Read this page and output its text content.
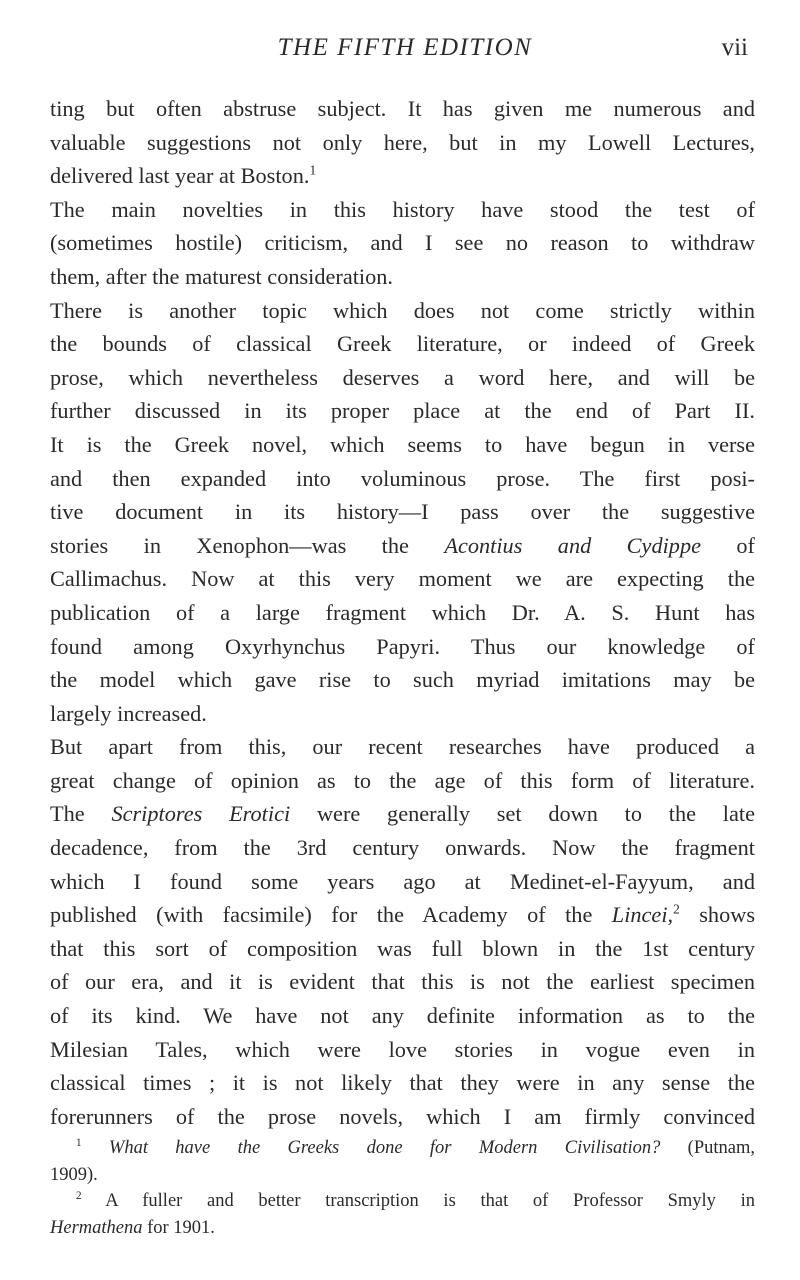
THE FIFTH EDITION	vii
ting but often abstruse subject. It has given me numerous and
valuable suggestions not only here, but in my Lowell Lectures,
delivered last year at Boston.$^1$
The main novelties in this history have stood the test of
(sometimes hostile) criticism, and I see no reason to withdraw
them, after the maturest consideration.
There is another topic which does not come strictly within
the bounds of classical Greek literature, or indeed of Greek
prose, which nevertheless deserves a word here, and will be
further discussed in its proper place at the end of Part II.
It is the Greek novel, which seems to have begun in verse
and then expanded into voluminous prose. The first posi-
tive document in its history—I pass over the suggestive
stories in Xenophon—was the Acontius and Cydippe of
Callimachus. Now at this very moment we are expecting the
publication of a large fragment which Dr. A. S. Hunt has
found among Oxyrhynchus Papyri. Thus our knowledge of
the model which gave rise to such myriad imitations may be
largely increased.
But apart from this, our recent researches have produced a
great change of opinion as to the age of this form of literature.
The Scriptores Erotici were generally set down to the late
decadence, from the 3rd century onwards. Now the fragment
which I found some years ago at Medinet-el-Fayyum, and
published (with facsimile) for the Academy of the Lincei,$^2$ shows
that this sort of composition was full blown in the 1st century
of our era, and it is evident that this is not the earliest specimen
of its kind. We have not any definite information as to the
Milesian Tales, which were love stories in vogue even in
classical times ; it is not likely that they were in any sense the
forerunners of the prose novels, which I am firmly convinced
$^1$ What have the Greeks done for Modern Civilisation? (Putnam,
1909).
$^2$ A fuller and better transcription is that of Professor Smyly in
Hermathena for 1901.
